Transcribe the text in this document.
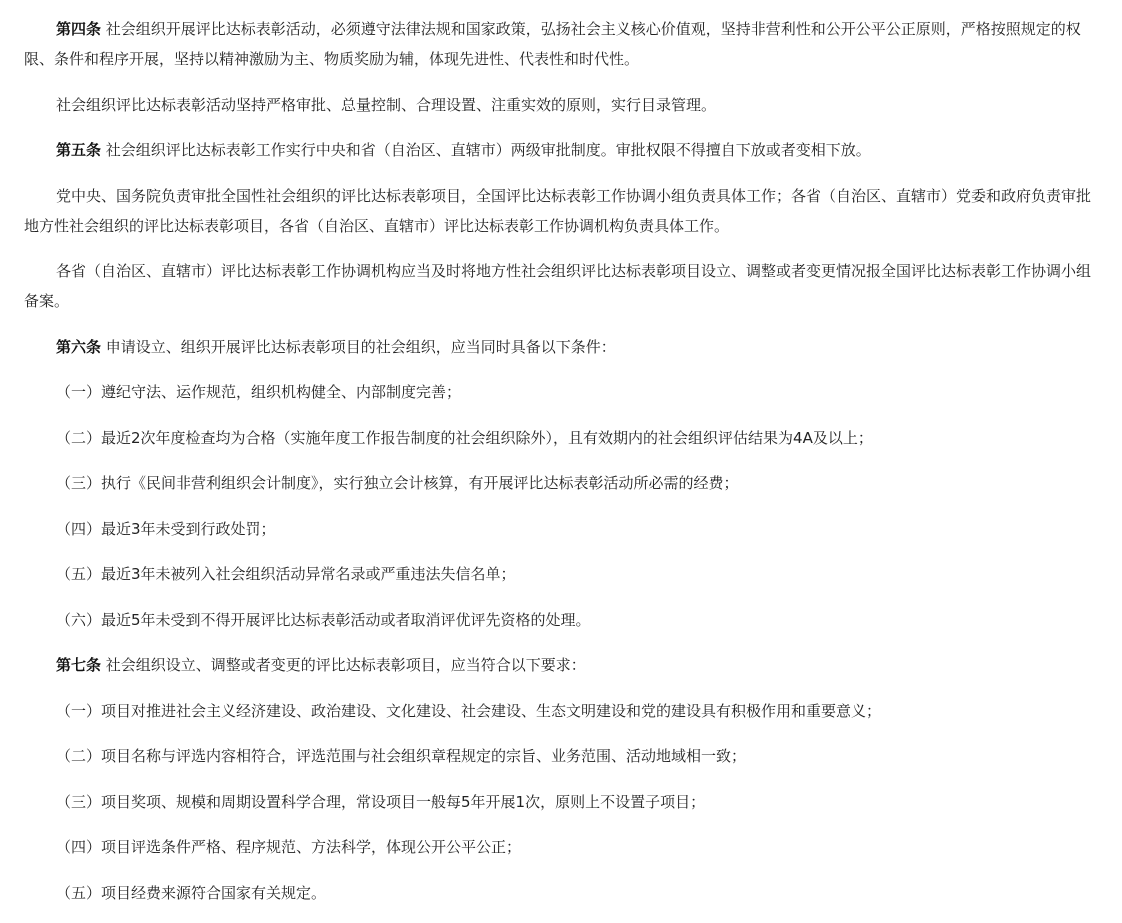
第四条 社会组织开展评比达标表彰活动，必须遵守法律法规和国家政策，弘扬社会主义核心价值观，坚持非营利性和公开公平公正原则，严格按照规定的权限、条件和程序开展，坚持以精神激励为主、物质奖励为辅，体现先进性、代表性和时代性。

社会组织评比达标表彰活动坚持严格审批、总量控制、合理设置、注重实效的原则，实行目录管理。

第五条 社会组织评比达标表彰工作实行中央和省（自治区、直辖市）两级审批制度。审批权限不得擅自下放或者变相下放。

党中央、国务院负责审批全国性社会组织的评比达标表彰项目，全国评比达标表彰工作协调小组负责具体工作；各省（自治区、直辖市）党委和政府负责审批地方性社会组织的评比达标表彰项目，各省（自治区、直辖市）评比达标表彰工作协调机构负责具体工作。

各省（自治区、直辖市）评比达标表彰工作协调机构应当及时将地方性社会组织评比达标表彰项目设立、调整或者变更情况报全国评比达标表彰工作协调小组备案。

第六条 申请设立、组织开展评比达标表彰项目的社会组织，应当同时具备以下条件：

（一）遵纪守法、运作规范，组织机构健全、内部制度完善；

（二）最近2次年度检查均为合格（实施年度工作报告制度的社会组织除外），且有效期内的社会组织评估结果为4A及以上；

（三）执行《民间非营利组织会计制度》，实行独立会计核算，有开展评比达标表彰活动所必需的经费；

（四）最近3年未受到行政处罚；

（五）最近3年未被列入社会组织活动异常名录或严重违法失信名单；

（六）最近5年未受到不得开展评比达标表彰活动或者取消评优评先资格的处理。

第七条 社会组织设立、调整或者变更的评比达标表彰项目，应当符合以下要求：

（一）项目对推进社会主义经济建设、政治建设、文化建设、社会建设、生态文明建设和党的建设具有积极作用和重要意义；

（二）项目名称与评选内容相符合，评选范围与社会组织章程规定的宗旨、业务范围、活动地域相一致；

（三）项目奖项、规模和周期设置科学合理，常设项目一般每5年开展1次，原则上不设置子项目；

（四）项目评选条件严格、程序规范、方法科学，体现公开公平公正；

（五）项目经费来源符合国家有关规定。
